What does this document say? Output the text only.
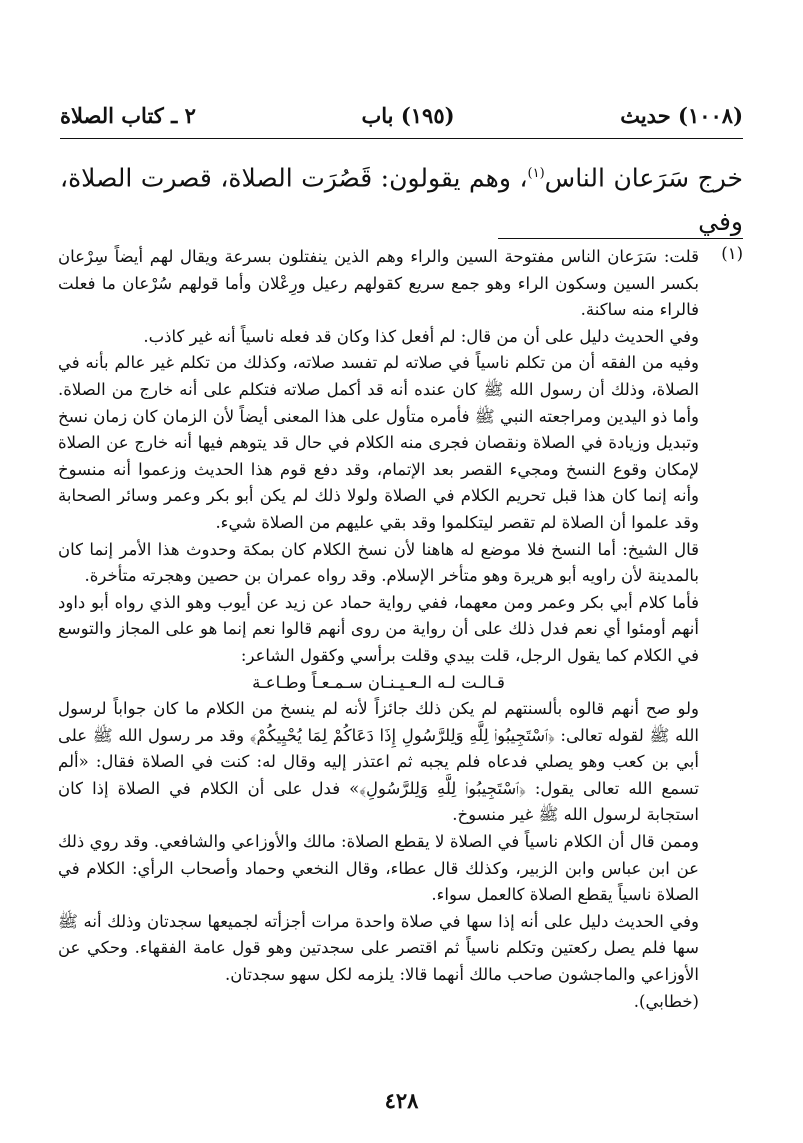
٢ ـ كتاب الصلاة	(١٩٥) باب	(١٠٠٨) حديث
خرج سَرَعان الناس$^{(١)}$، وهم يقولون: قَصُرَت الصلاة، قصرت الصلاة، وفي
(١)

قلت: سَرَعان الناس مفتوحة السين والراء وهم الذين ينفتلون بسرعة ويقال لهم أيضاً سِرْعان بكسر السين وسكون الراء وهو جمع سريع كقولهم رعيل ورِعْلان وأما قولهم سُرْعان ما فعلت فالراء منه ساكنة.

وفي الحديث دليل على أن من قال: لم أفعل كذا وكان قد فعله ناسياً أنه غير كاذب.

وفيه من الفقه أن من تكلم ناسياً في صلاته لم تفسد صلاته، وكذلك من تكلم غير عالم بأنه في الصلاة، وذلك أن رسول الله ﷺ كان عنده أنه قد أكمل صلاته فتكلم على أنه خارج من الصلاة. وأما ذو اليدين ومراجعته النبي ﷺ فأمره متأول على هذا المعنى أيضاً لأن الزمان كان زمان نسخ وتبديل وزيادة في الصلاة ونقصان فجرى منه الكلام في حال قد يتوهم فيها أنه خارج عن الصلاة لإمكان وقوع النسخ ومجيء القصر بعد الإتمام، وقد دفع قوم هذا الحديث وزعموا أنه منسوخ وأنه إنما كان هذا قبل تحريم الكلام في الصلاة ولولا ذلك لم يكن أبو بكر وعمر وسائر الصحابة وقد علموا أن الصلاة لم تقصر ليتكلموا وقد بقي عليهم من الصلاة شيء.

قال الشيخ: أما النسخ فلا موضع له هاهنا لأن نسخ الكلام كان بمكة وحدوث هذا الأمر إنما كان بالمدينة لأن راويه أبو هريرة وهو متأخر الإسلام. وقد رواه عمران بن حصين وهجرته متأخرة.

فأما كلام أبي بكر وعمر ومن معهما، ففي رواية حماد عن زيد عن أيوب وهو الذي رواه أبو داود أنهم أومئوا أي نعم فدل ذلك على أن رواية من روى أنهم قالوا نعم إنما هو على المجاز والتوسع في الكلام كما يقول الرجل، قلت بيدي وقلت برأسي وكقول الشاعر:

قـالـت لـه الـعـيـنـان سـمـعـاً وطـاعـة

ولو صح أنهم قالوه بألسنتهم لم يكن ذلك جائزاً لأنه لم ينسخ من الكلام ما كان جواباً لرسول الله ﷺ لقوله تعالى: ﴿ٱسْتَجِيبُوا۟ لِلَّهِ وَلِلرَّسُولِ إِذَا دَعَاكُمْ لِمَا يُحْيِيكُمْ﴾ وقد مر رسول الله ﷺ على أبي بن كعب وهو يصلي فدعاه فلم يجبه ثم اعتذر إليه وقال له: كنت في الصلاة فقال: «ألم تسمع الله تعالى يقول: ﴿ٱسْتَجِيبُوا۟ لِلَّهِ وَلِلرَّسُولِ﴾» فدل على أن الكلام في الصلاة إذا كان استجابة لرسول الله ﷺ غير منسوخ.

وممن قال أن الكلام ناسياً في الصلاة لا يقطع الصلاة: مالك والأوزاعي والشافعي. وقد روي ذلك عن ابن عباس وابن الزبير، وكذلك قال عطاء، وقال النخعي وحماد وأصحاب الرأي: الكلام في الصلاة ناسياً يقطع الصلاة كالعمل سواء.

وفي الحديث دليل على أنه إذا سها في صلاة واحدة مرات أجزأته لجميعها سجدتان وذلك أنه ﷺ سها فلم يصل ركعتين وتكلم ناسياً ثم اقتصر على سجدتين وهو قول عامة الفقهاء. وحكي عن الأوزاعي والماجشون صاحب مالك أنهما قالا: يلزمه لكل سهو سجدتان.

(خطابي).

٤٢٨
